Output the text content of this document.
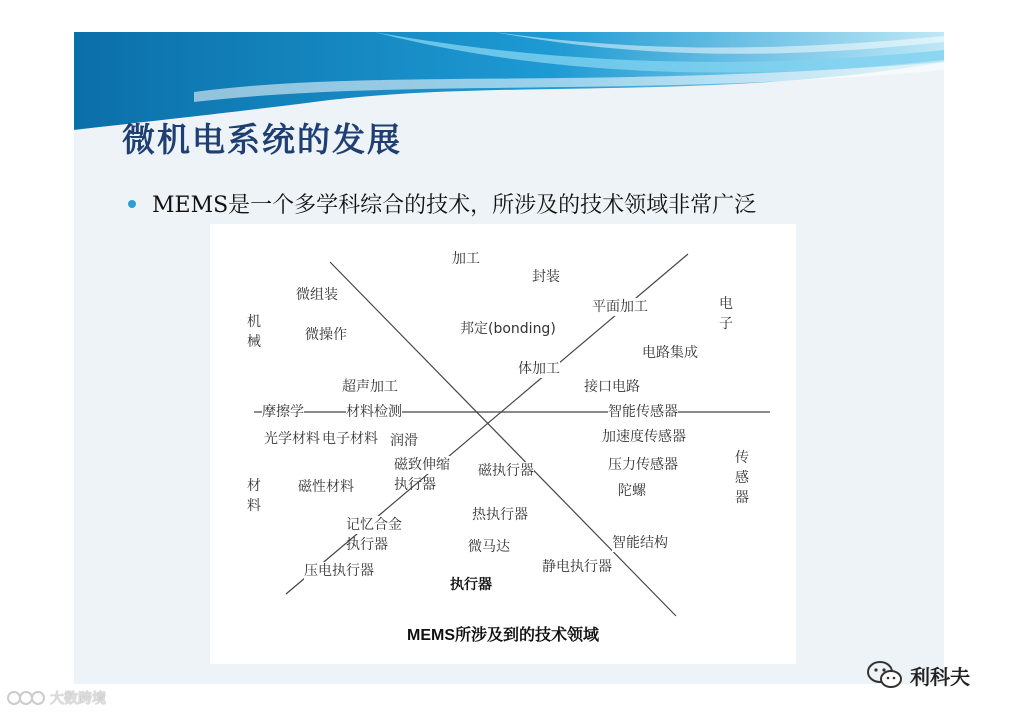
微机电系统的发展
MEMS是一个多学科综合的技术，所涉及的技术领域非常广泛
加工
封装
微组装
机械	微操作
平面加工	电子
邦定(bonding)
电路集成
体加工
超声加工	接口电路
摩擦学	材料检测	智能传感器
加速度传感器
光学材料 电子材料 润滑
磁致伸缩
执行器
磁执行器	压力传感器	传感器
材料
磁性材料	陀螺
热执行器
记忆合金
执行器	智能结构
微马达
压电执行器	静电执行器
执行器
MEMS所涉及到的技术领域
利科夫
大数跨境
